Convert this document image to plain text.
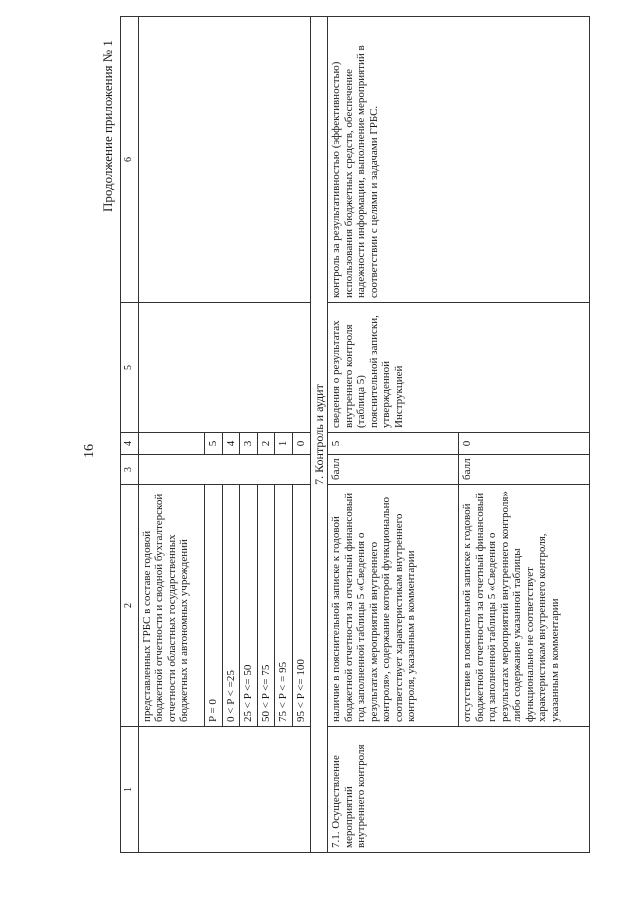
16
Продолжение приложения № 1
1	2	3	4	5	6
	представленных ГРБС в составе годовой бюджетной отчетности и сводной бухгалтерской отчетности областных государственных бюджетных и автономных учреждений				
	P = 0		5		
	0 < P < =25		4		
	25 < P <= 50		3		
	50 < P <= 75		2		
	75 < P < = 95		1		
	95 < P <= 100		0		
7. Контроль и аудит					
7.1. Осуществление мероприятий внутреннего контроля	наличие в пояснительной записке к годовой бюджетной отчетности за отчетный финансовый год заполненной таблицы 5 «Сведения о результатах мероприятий внутреннего контроля», содержание которой функционально соответствует характеристикам внутреннего контроля, указанным в комментарии	балл	5	сведения о результатах внутреннего контроля (таблица 5) пояснительной записки, утвержденной Инструкцией	контроль за результативностью (эффективностью) использования бюджетных средств, обеспечение надежности информации, выполнение мероприятий в соответствии с целями и задачами ГРБС.
	отсутствие в пояснительной записке к годовой бюджетной отчетности за отчетный финансовый год заполненной таблицы 5 «Сведения о результатах мероприятий внутреннего контроля» либо содержание указанной таблицы функционально не соответствует характеристикам внутреннего контроля, указанным в комментарии	балл	0		
